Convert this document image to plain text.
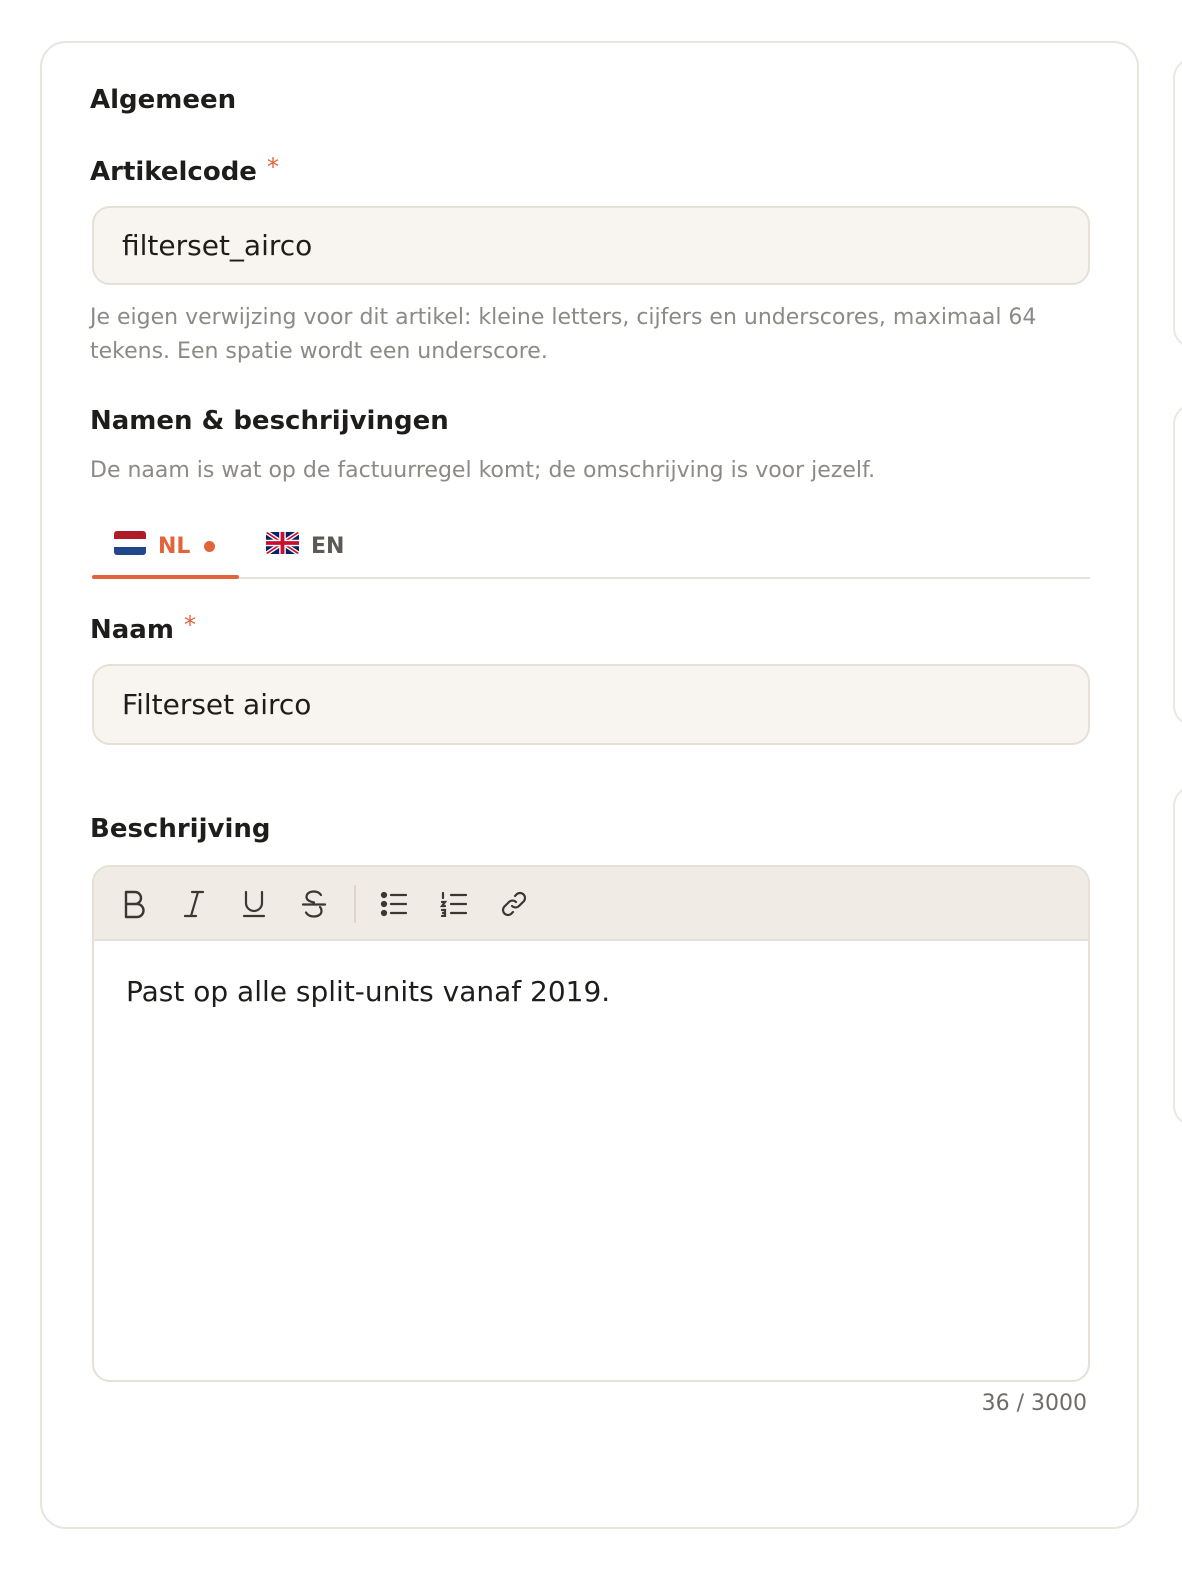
Algemeen
Artikelcode *
filterset_airco
Je eigen verwijzing voor dit artikel: kleine letters, cijfers en underscores, maximaal 64 tekens. Een spatie wordt een underscore.
Namen & beschrijvingen
De naam is wat op de factuurregel komt; de omschrijving is voor jezelf.
NL	EN
Naam *
Filterset airco
Beschrijving
Past op alle split-units vanaf 2019.
36 / 3000
